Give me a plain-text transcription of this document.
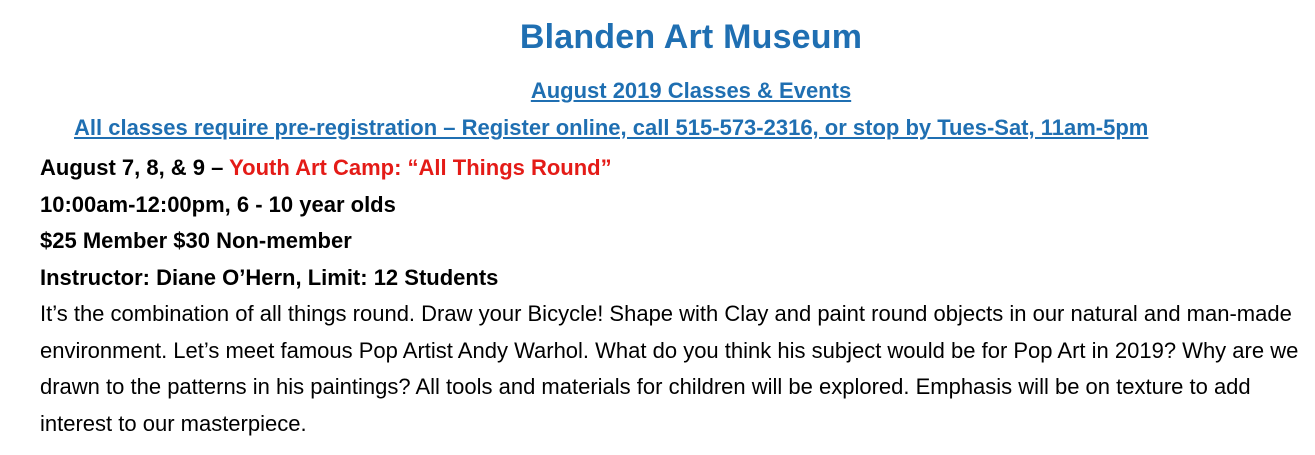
Blanden Art Museum
August 2019 Classes & Events
All classes require pre-registration – Register online, call 515-573-2316, or stop by Tues-Sat, 11am-5pm
August 7, 8, & 9 – Youth Art Camp: “All Things Round”
10:00am-12:00pm, 6 - 10 year olds
$25 Member $30 Non-member
Instructor: Diane O’Hern, Limit: 12 Students
It’s the combination of all things round. Draw your Bicycle! Shape with Clay and paint round objects in our natural and man-made environment. Let’s meet famous Pop Artist Andy Warhol. What do you think his subject would be for Pop Art in 2019? Why are we drawn to the patterns in his paintings? All tools and materials for children will be explored. Emphasis will be on texture to add interest to our masterpiece.
